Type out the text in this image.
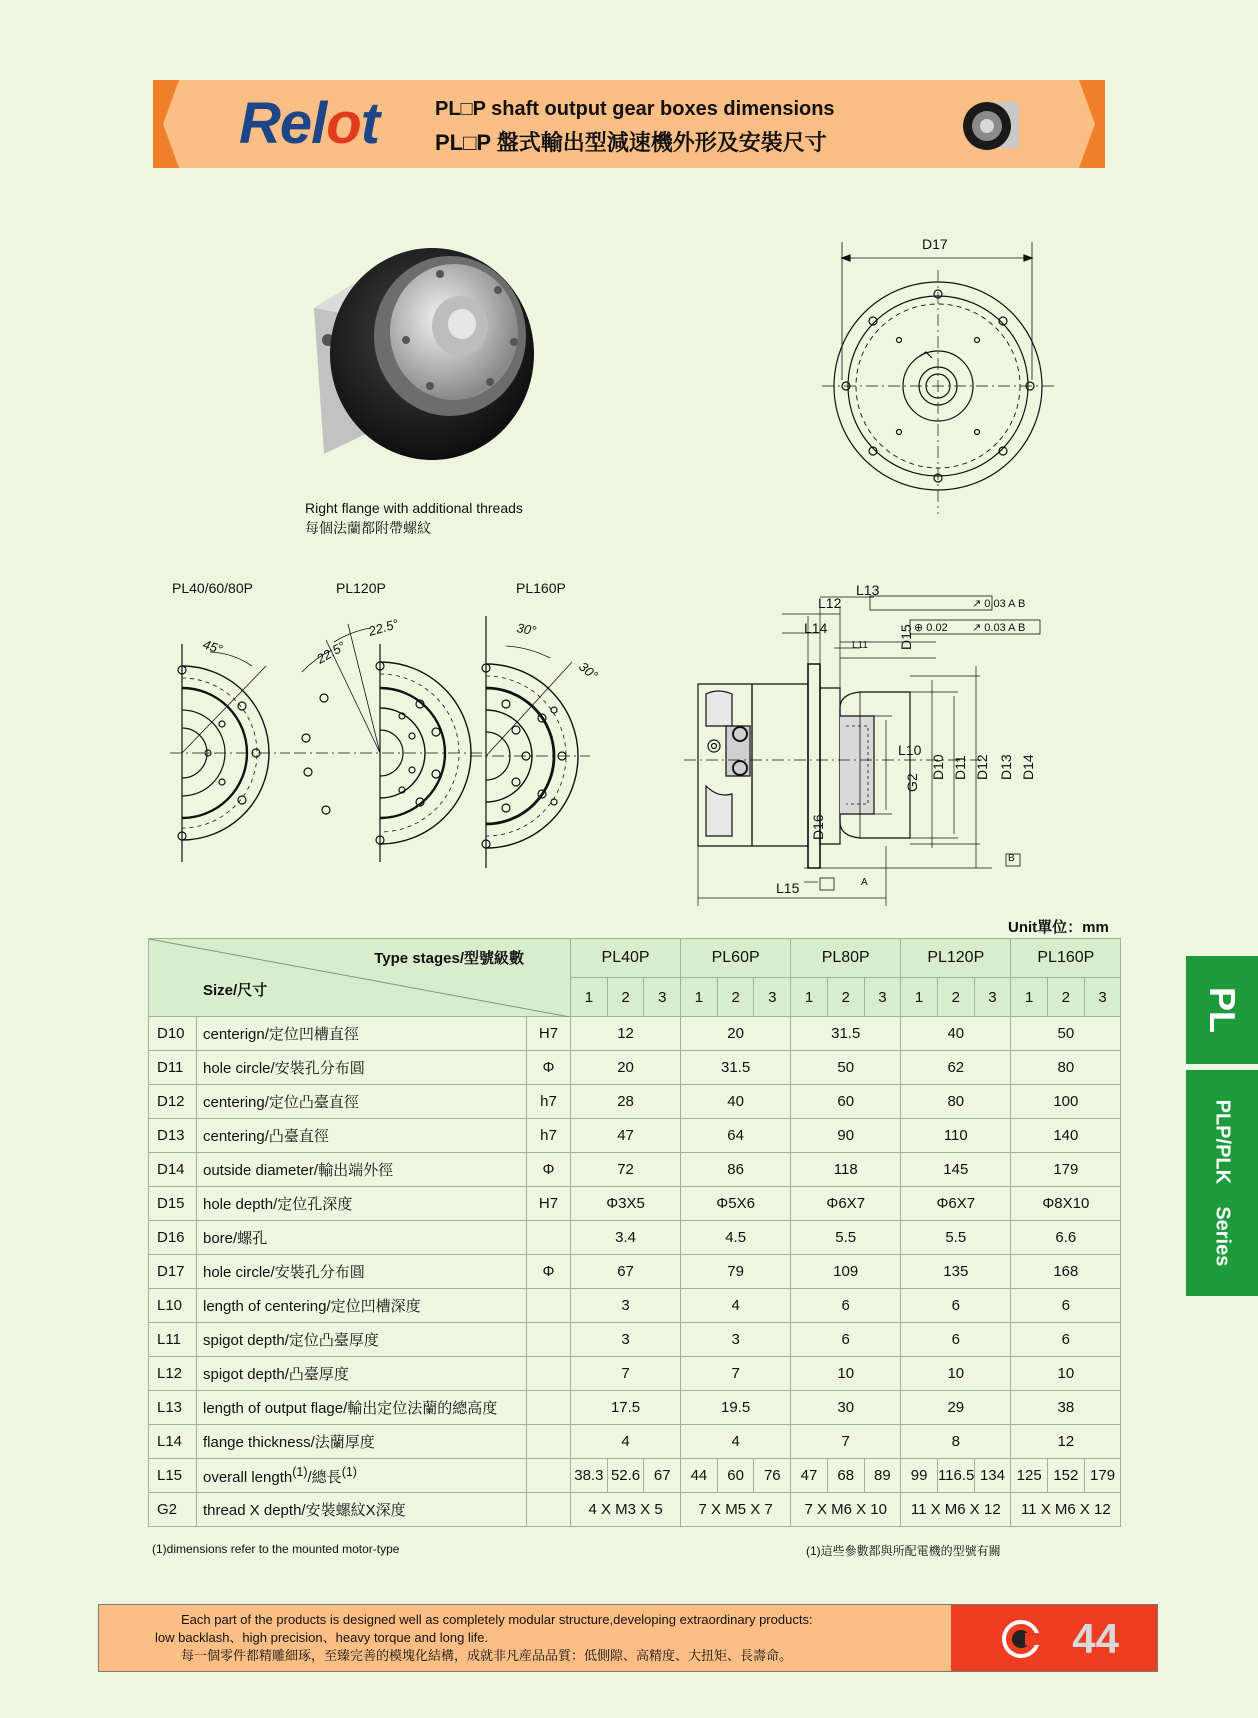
Relot	PL□P shaft output gear boxes dimensions
PL□P 盤式輸出型減速機外形及安裝尺寸
Right flange with additional threads
每個法蘭都附帶螺紋
D17
PL40/60/80P	PL120P	PL160P
45°	22.5°
22.5°	30°
30°
L12
L13
L14
L11 D15
L10
G2
D10 D11 D12 D13 D14
D16
L15	A
B
↗ 0.03 A B
⊕ 0.02 ↗ 0.03 A B
Unit單位：mm
Type stages/型號級數
Size/尺寸			PL40P			PL60P			PL80P			PL120P			PL160P		
			1	2	3	1	2	3	1	2	3	1	2	3	1	2	3
D10	centerign/定位凹槽直徑	H7	12			20			31.5			40			50		
D11	hole circle/安裝孔分布圓	Φ	20			31.5			50			62			80		
D12	centering/定位凸臺直徑	h7	28			40			60			80			100		
D13	centering/凸臺直徑	h7	47			64			90			110			140		
D14	outside diameter/輸出端外徑	Φ	72			86			118			145			179		
D15	hole depth/定位孔深度	H7	Φ3X5			Φ5X6			Φ6X7			Φ6X7			Φ8X10		
D16	bore/螺孔		3.4			4.5			5.5			5.5			6.6		
D17	hole circle/安裝孔分布圓	Φ	67			79			109			135			168		
L10	length of centering/定位凹槽深度		3			4			6			6			6		
L11	spigot depth/定位凸臺厚度		3			3			6			6			6		
L12	spigot depth/凸臺厚度		7			7			10			10			10		
L13	length of output flage/輸出定位法蘭的總高度		17.5			19.5			30			29			38		
L14	flange thickness/法蘭厚度		4			4			7			8			12		
L15	overall length$^{(1)}$/總長$^{(1)}$		38.3	52.6	67	44	60	76	47	68	89	99	116.5	134	125	152	179
G2	thread X depth/安裝螺紋X深度		4 X M3 X 5			7 X M5 X 7			7 X M6 X 10			11 X M6 X 12			11 X M6 X 12		
(1)dimensions refer to the mounted motor-type	(1)這些參數都與所配電機的型號有關
Each part of the products is designed well as completely modular structure,developing extraordinary products:
low backlash、high precision、heavy torque and long life.
每一個零件都精雕細琢，至臻完善的模塊化結構，成就非凡産品品質：低側隙、高精度、大扭矩、長壽命。	44
PL
PLP/PLK    Series
